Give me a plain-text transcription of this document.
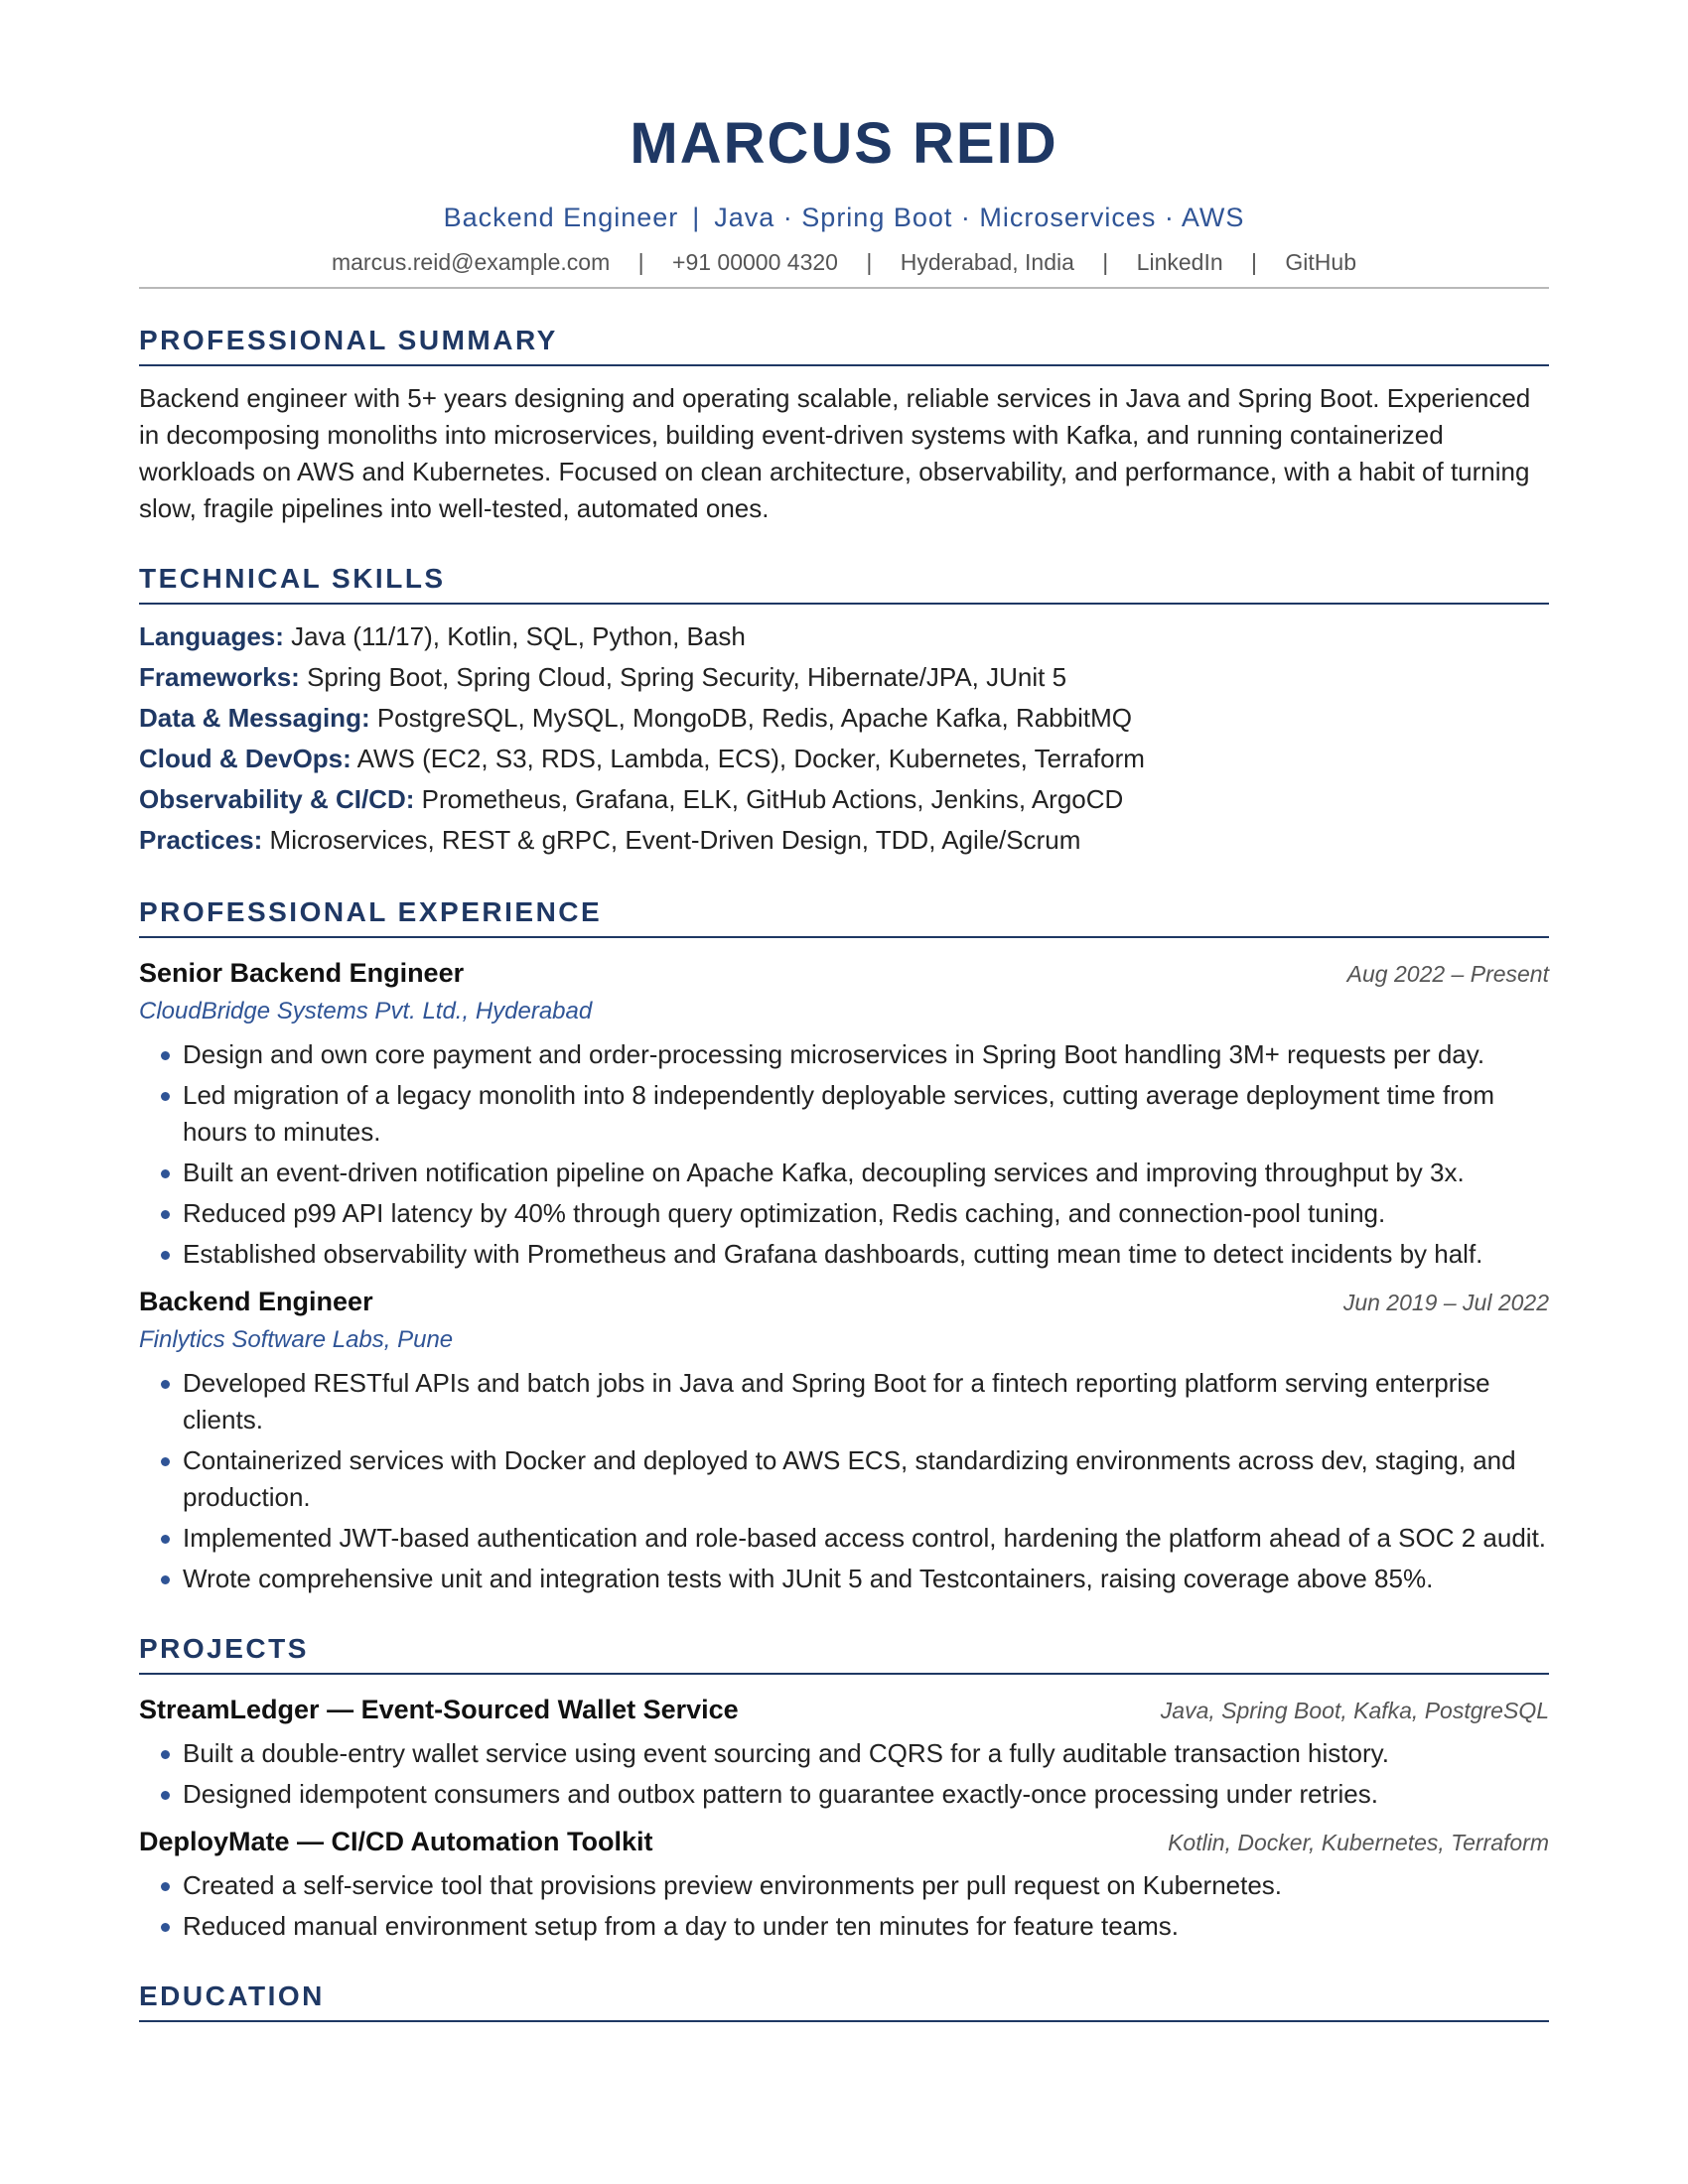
MARCUS REID
Backend Engineer | Java · Spring Boot · Microservices · AWS
marcus.reid@example.com | +91 00000 4320 | Hyderabad, India | LinkedIn | GitHub
PROFESSIONAL SUMMARY
Backend engineer with 5+ years designing and operating scalable, reliable services in Java and Spring Boot. Experienced in decomposing monoliths into microservices, building event-driven systems with Kafka, and running containerized workloads on AWS and Kubernetes. Focused on clean architecture, observability, and performance, with a habit of turning slow, fragile pipelines into well-tested, automated ones.
TECHNICAL SKILLS
Languages: Java (11/17), Kotlin, SQL, Python, Bash
Frameworks: Spring Boot, Spring Cloud, Spring Security, Hibernate/JPA, JUnit 5
Data & Messaging: PostgreSQL, MySQL, MongoDB, Redis, Apache Kafka, RabbitMQ
Cloud & DevOps: AWS (EC2, S3, RDS, Lambda, ECS), Docker, Kubernetes, Terraform
Observability & CI/CD: Prometheus, Grafana, ELK, GitHub Actions, Jenkins, ArgoCD
Practices: Microservices, REST & gRPC, Event-Driven Design, TDD, Agile/Scrum
PROFESSIONAL EXPERIENCE
Senior Backend Engineer	Aug 2022 – Present
CloudBridge Systems Pvt. Ltd., Hyderabad
Design and own core payment and order-processing microservices in Spring Boot handling 3M+ requests per day.
Led migration of a legacy monolith into 8 independently deployable services, cutting average deployment time from hours to minutes.
Built an event-driven notification pipeline on Apache Kafka, decoupling services and improving throughput by 3x.
Reduced p99 API latency by 40% through query optimization, Redis caching, and connection-pool tuning.
Established observability with Prometheus and Grafana dashboards, cutting mean time to detect incidents by half.
Backend Engineer	Jun 2019 – Jul 2022
Finlytics Software Labs, Pune
Developed RESTful APIs and batch jobs in Java and Spring Boot for a fintech reporting platform serving enterprise clients.
Containerized services with Docker and deployed to AWS ECS, standardizing environments across dev, staging, and production.
Implemented JWT-based authentication and role-based access control, hardening the platform ahead of a SOC 2 audit.
Wrote comprehensive unit and integration tests with JUnit 5 and Testcontainers, raising coverage above 85%.
PROJECTS
StreamLedger — Event-Sourced Wallet Service	Java, Spring Boot, Kafka, PostgreSQL
Built a double-entry wallet service using event sourcing and CQRS for a fully auditable transaction history.
Designed idempotent consumers and outbox pattern to guarantee exactly-once processing under retries.
DeployMate — CI/CD Automation Toolkit	Kotlin, Docker, Kubernetes, Terraform
Created a self-service tool that provisions preview environments per pull request on Kubernetes.
Reduced manual environment setup from a day to under ten minutes for feature teams.
EDUCATION
